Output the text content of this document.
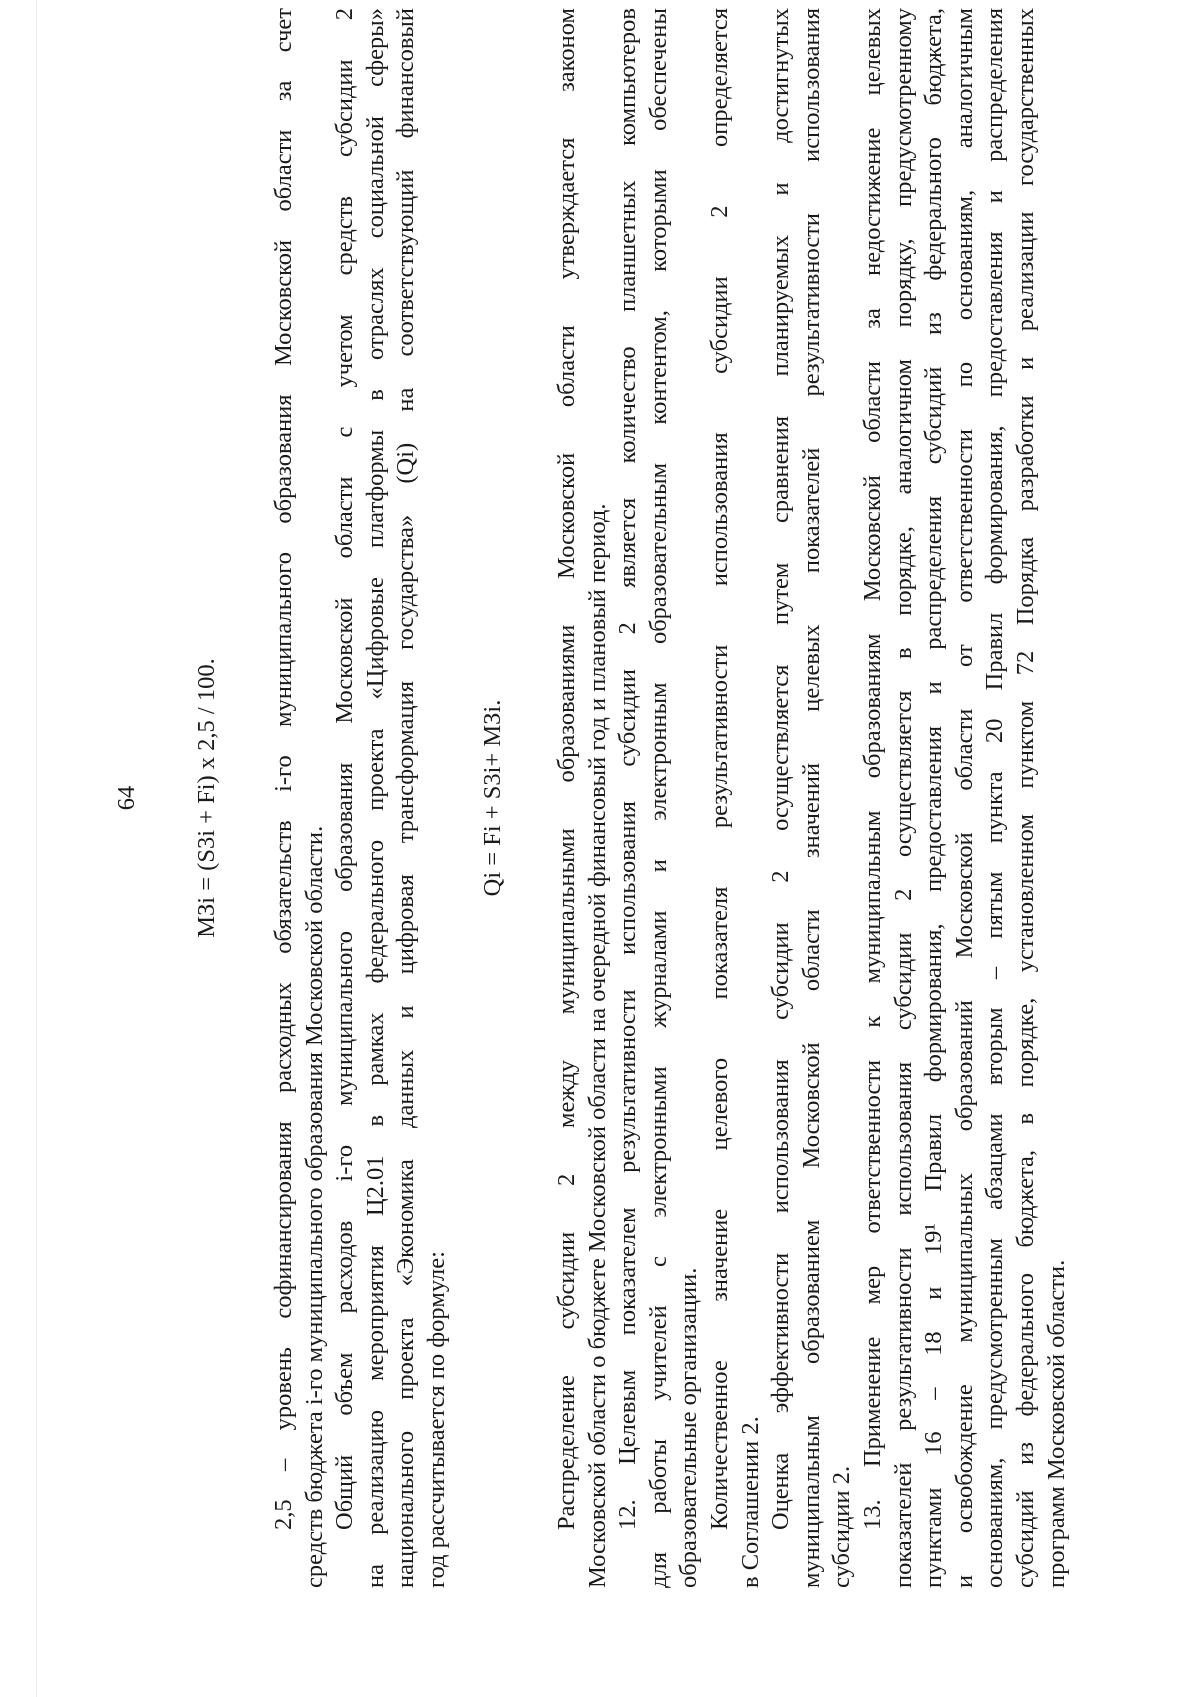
64 МЗi = (S3i + Fi) x 2,5 / 100. 2,5 – уровень софинансирования расходных обязательств i-го муниципального образования Московской области за счет средств бюджета i-го муниципального образования Московской области. Общий объем расходов i-го муниципального образования Московской области с учетом средств субсидии 2 на реализацию мероприятия Ц2.01 в рамках федерального проекта «Цифровые платформы в отраслях социальной сферы» национального проекта «Экономика данных и цифровая трансформация государства» (Qi) на соответствующий финансовый год рассчитывается по формуле:
Qi = Fi + S3i+ МЗi. Распределение субсидии 2 между муниципальными образованиями Московской области утверждается законом Московской области о бюджете Московской области на очередной финансовый год и плановый период. 12. Целевым показателем результативности использования субсидии 2 является количество планшетных компьютеров для работы учителей с электронными журналами и электронным образовательным контентом, которыми обеспечены образовательные организации. Количественное значение целевого показателя результативности использования субсидии 2 определяется в Соглашении 2. Оценка эффективности использования субсидии 2 осуществляется путем сравнения планируемых и достигнутых муниципальным образованием Московской области значений целевых показателей результативности использования субсидии 2. 13. Применение мер ответственности к муниципальным образованиям Московской области за недостижение целевых показателей результативности использования субсидии 2 осуществляется в порядке, аналогичном порядку, предусмотренному пунктами 16 – 18 и 19¹ Правил формирования, предоставления и распределения субсидий из федерального бюджета, и освобождение муниципальных образований Московской области от ответственности по основаниям, аналогичным основаниям, предусмотренным абзацами вторым – пятым пункта 20 Правил формирования, предоставления и распределения субсидий из федерального бюджета, в порядке, установленном пунктом 72 Порядка разработки и реализации государственных программ Московской области.
